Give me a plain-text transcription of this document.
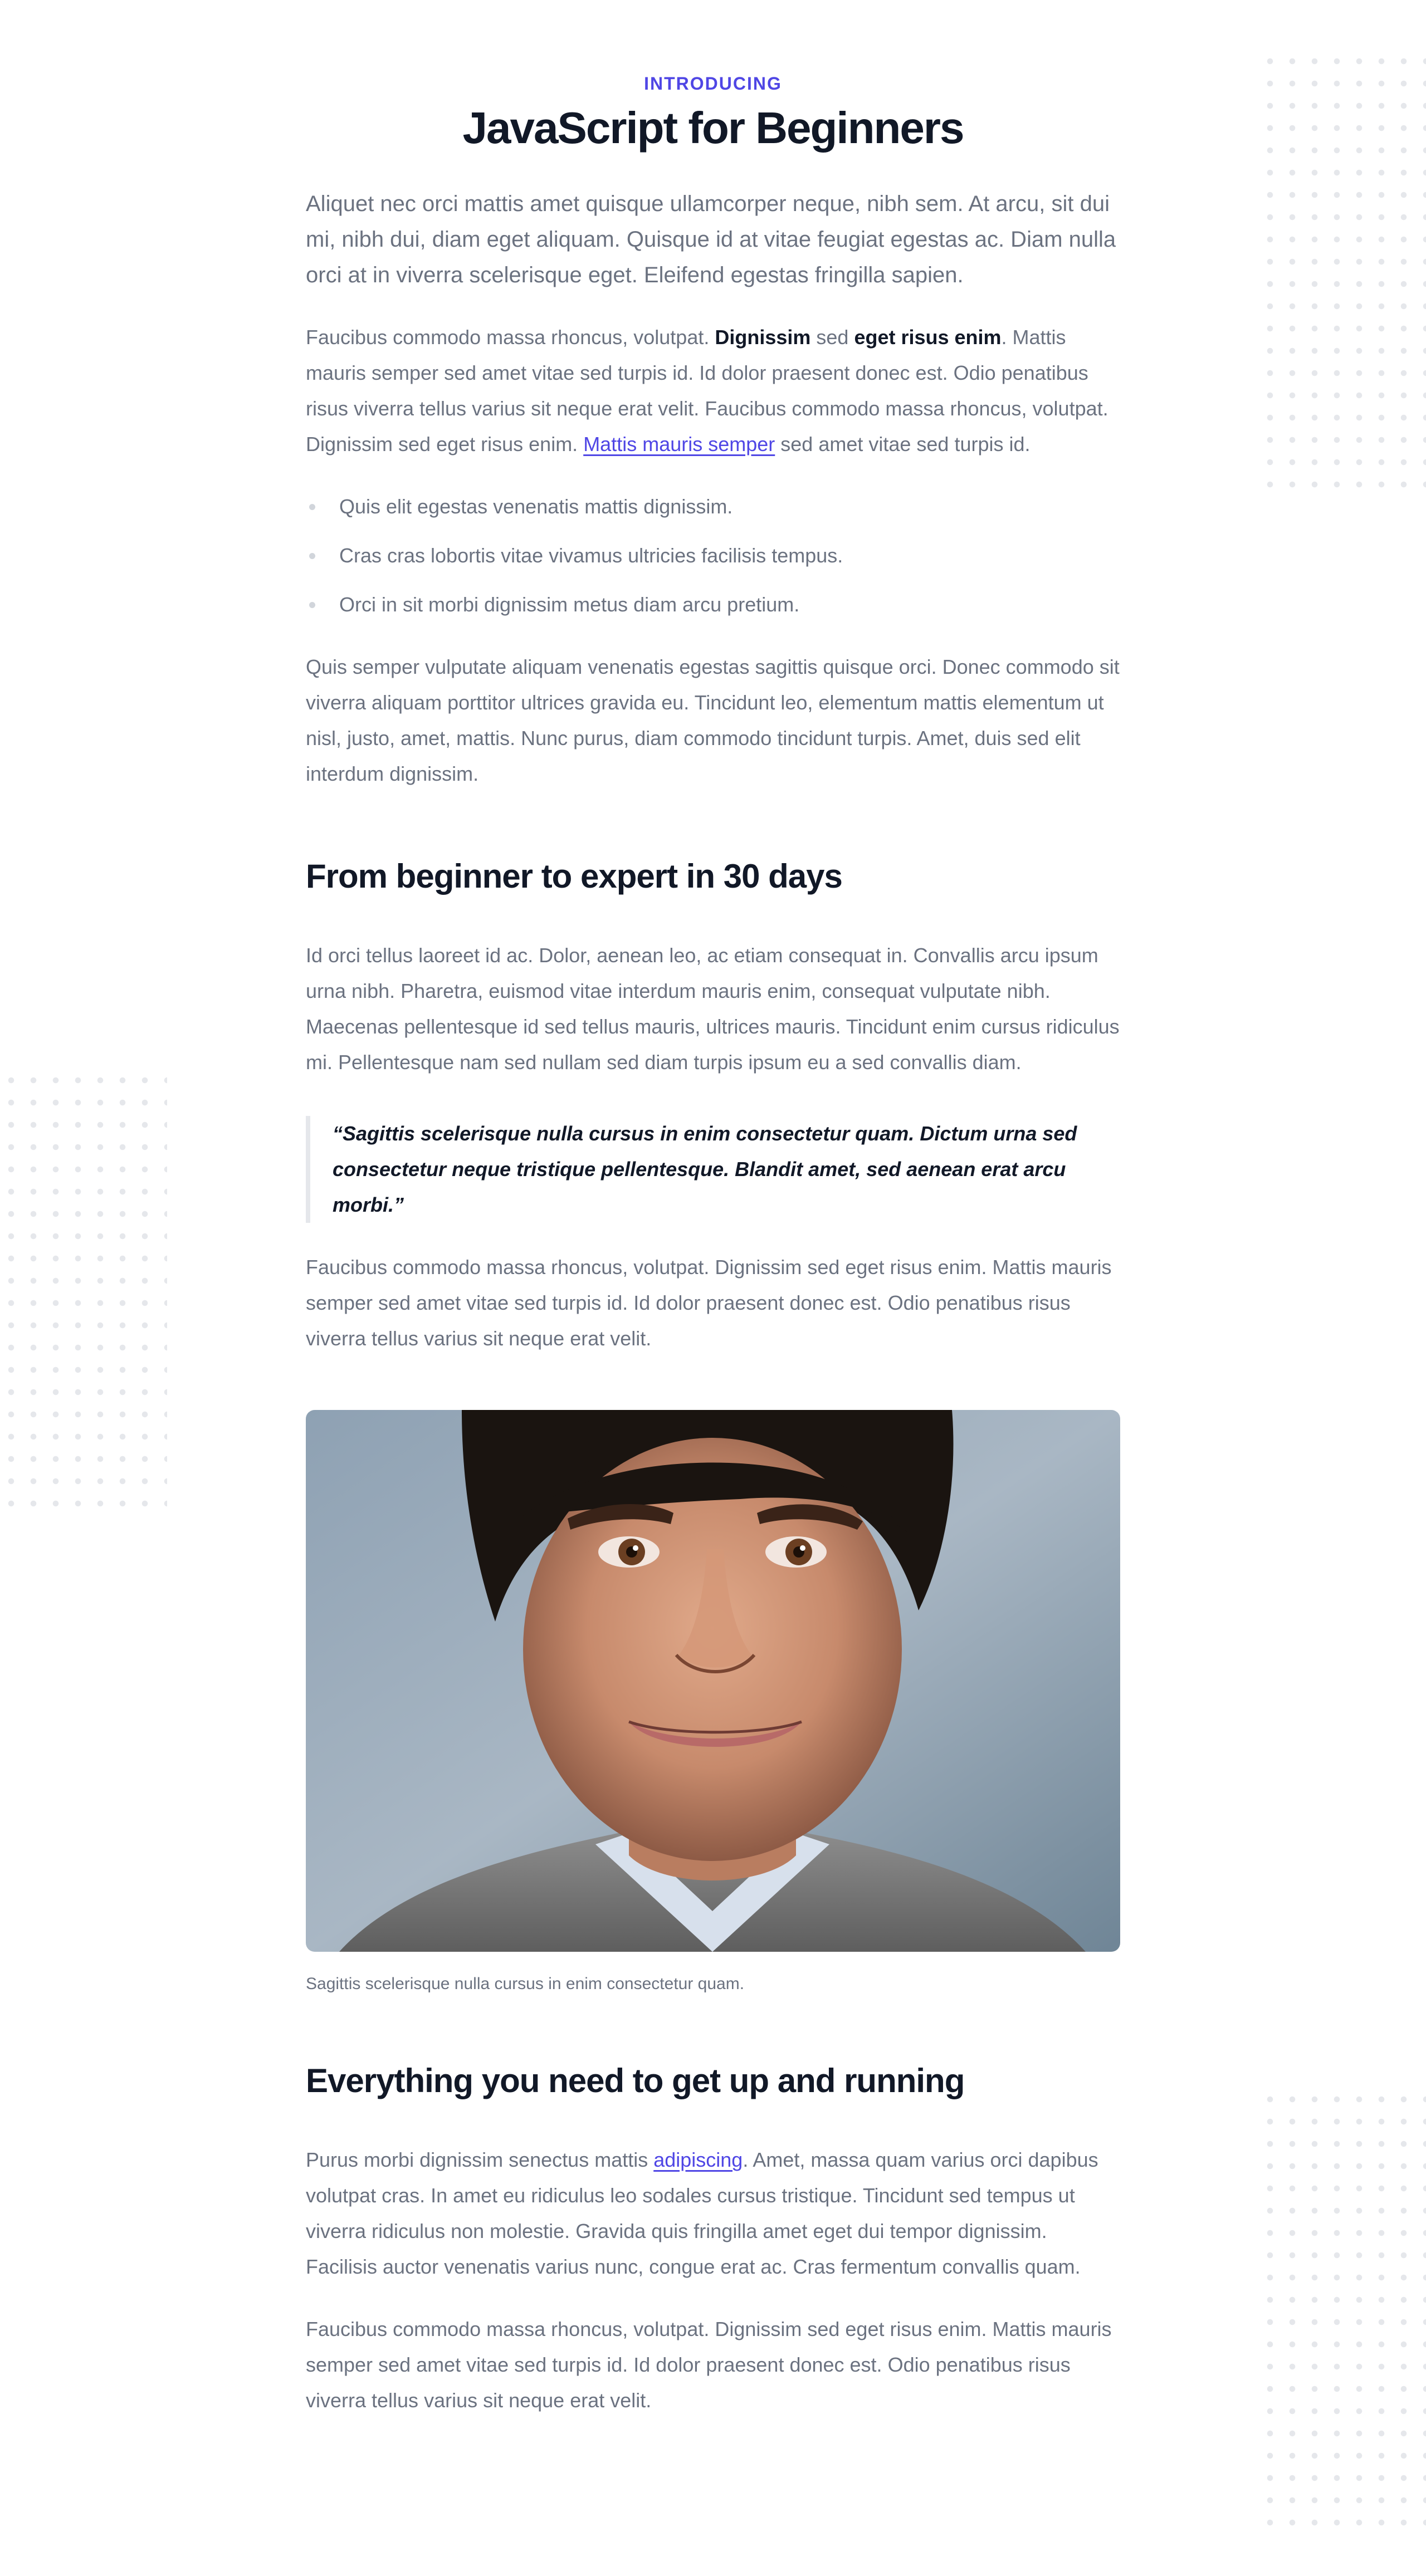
INTRODUCING

JavaScript for Beginners

Aliquet nec orci mattis amet quisque ullamcorper neque, nibh sem. At arcu, sit dui mi, nibh dui, diam eget aliquam. Quisque id at vitae feugiat egestas ac. Diam nulla orci at in viverra scelerisque eget. Eleifend egestas fringilla sapien.

Faucibus commodo massa rhoncus, volutpat. Dignissim sed eget risus enim. Mattis mauris semper sed amet vitae sed turpis id. Id dolor praesent donec est. Odio penatibus risus viverra tellus varius sit neque erat velit. Faucibus commodo massa rhoncus, volutpat. Dignissim sed eget risus enim. Mattis mauris semper sed amet vitae sed turpis id.

Quis elit egestas venenatis mattis dignissim.
Cras cras lobortis vitae vivamus ultricies facilisis tempus.
Orci in sit morbi dignissim metus diam arcu pretium.

Quis semper vulputate aliquam venenatis egestas sagittis quisque orci. Donec commodo sit viverra aliquam porttitor ultrices gravida eu. Tincidunt leo, elementum mattis elementum ut nisl, justo, amet, mattis. Nunc purus, diam commodo tincidunt turpis. Amet, duis sed elit interdum dignissim.

From beginner to expert in 30 days

Id orci tellus laoreet id ac. Dolor, aenean leo, ac etiam consequat in. Convallis arcu ipsum urna nibh. Pharetra, euismod vitae interdum mauris enim, consequat vulputate nibh. Maecenas pellentesque id sed tellus mauris, ultrices mauris. Tincidunt enim cursus ridiculus mi. Pellentesque nam sed nullam sed diam turpis ipsum eu a sed convallis diam.

“Sagittis scelerisque nulla cursus in enim consectetur quam. Dictum urna sed consectetur neque tristique pellentesque. Blandit amet, sed aenean erat arcu morbi.”

Faucibus commodo massa rhoncus, volutpat. Dignissim sed eget risus enim. Mattis mauris semper sed amet vitae sed turpis id. Id dolor praesent donec est. Odio penatibus risus viverra tellus varius sit neque erat velit.

Sagittis scelerisque nulla cursus in enim consectetur quam.
Everything you need to get up and running

Purus morbi dignissim senectus mattis adipiscing. Amet, massa quam varius orci dapibus volutpat cras. In amet eu ridiculus leo sodales cursus tristique. Tincidunt sed tempus ut viverra ridiculus non molestie. Gravida quis fringilla amet eget dui tempor dignissim. Facilisis auctor venenatis varius nunc, congue erat ac. Cras fermentum convallis quam.

Faucibus commodo massa rhoncus, volutpat. Dignissim sed eget risus enim. Mattis mauris semper sed amet vitae sed turpis id. Id dolor praesent donec est. Odio penatibus risus viverra tellus varius sit neque erat velit.
